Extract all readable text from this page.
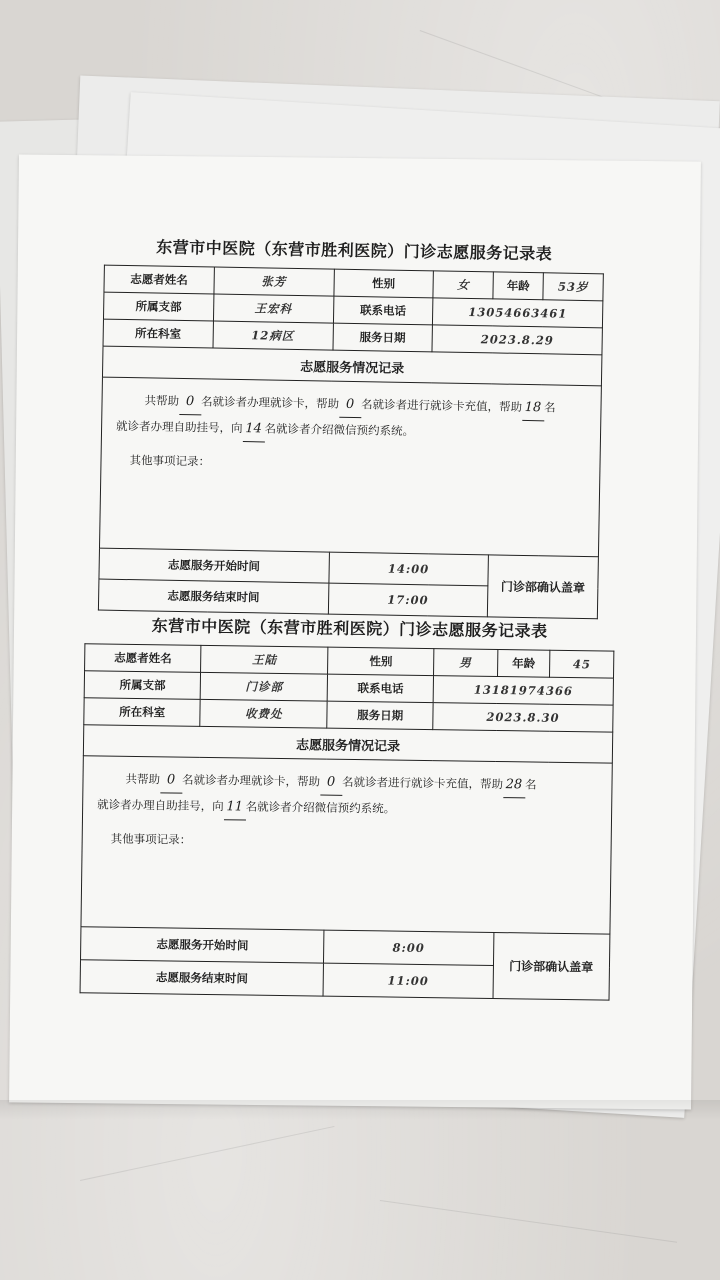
东营市中医院（东营市胜利医院）门诊志愿服务记录表
志愿者姓名	张芳	性别	女	年龄	53岁
所属支部	王宏科	联系电话	13054663461		
所在科室	12病区	服务日期	2023.8.29		
志愿服务情况记录					

共帮助 0 名就诊者办理就诊卡，帮助 0 名就诊者进行就诊卡充值，帮助 18 名
就诊者办理自助挂号，向 14 名就诊者介绍微信预约系统。
其他事项记录：					

志愿服务开始时间		14:00		门诊部确认盖章	
志愿服务结束时间		17:00			
东营市中医院（东营市胜利医院）门诊志愿服务记录表
志愿者姓名	王陆	性别	男	年龄	45
所属支部	门诊部	联系电话	13181974366		
所在科室	收费处	服务日期	2023.8.30		
志愿服务情况记录					

共帮助 0 名就诊者办理就诊卡，帮助 0 名就诊者进行就诊卡充值，帮助 28 名
就诊者办理自助挂号，向 11 名就诊者介绍微信预约系统。
其他事项记录：					

志愿服务开始时间		8:00		门诊部确认盖章	
志愿服务结束时间		11:00			
